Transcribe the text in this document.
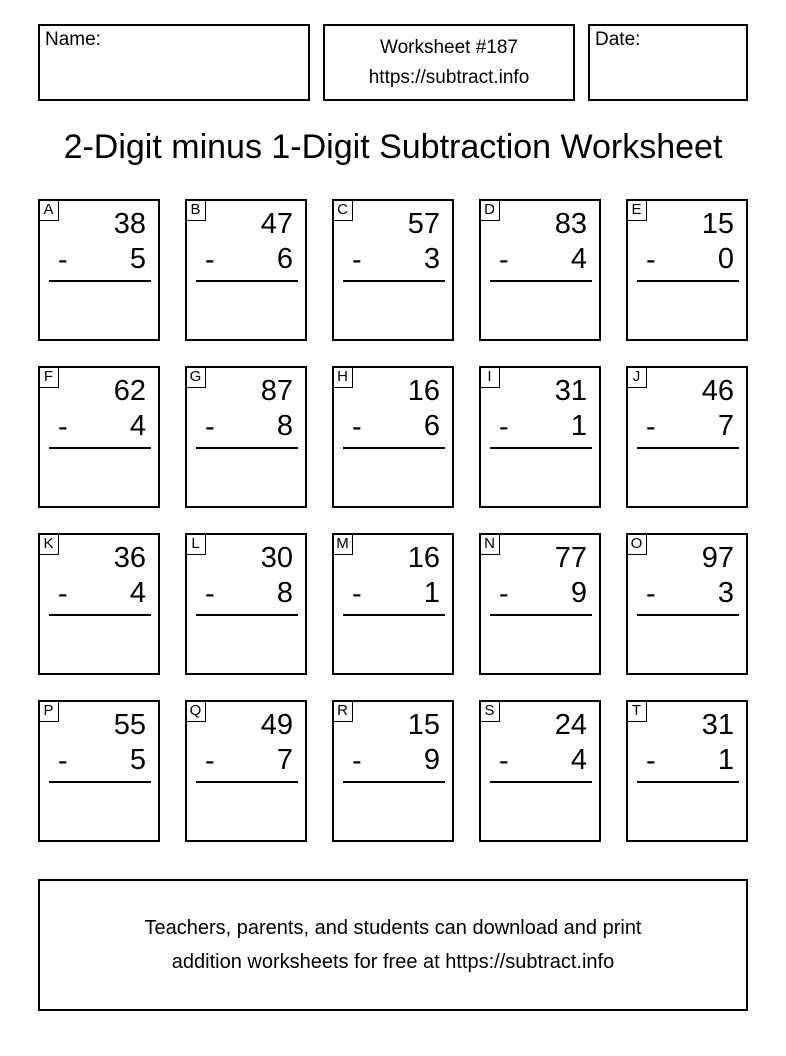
Name:	Worksheet #187
https://subtract.info
Date:
2-Digit minus 1-Digit Subtraction Worksheet
A 38
- 5
B 47
- 6
C 57
- 3
D 83
- 4
E 15
- 0
F 62
- 4
G 87
- 8
H 16
- 6
I 31
- 1
J 46
- 7
K 36
- 4
L 30
- 8
M 16
- 1
N 77
- 9
O 97
- 3
P 55
- 5
Q 49
- 7
R 15
- 9
S 24
- 4
T 31
- 1
Teachers, parents, and students can download and print
addition worksheets for free at https://subtract.info
